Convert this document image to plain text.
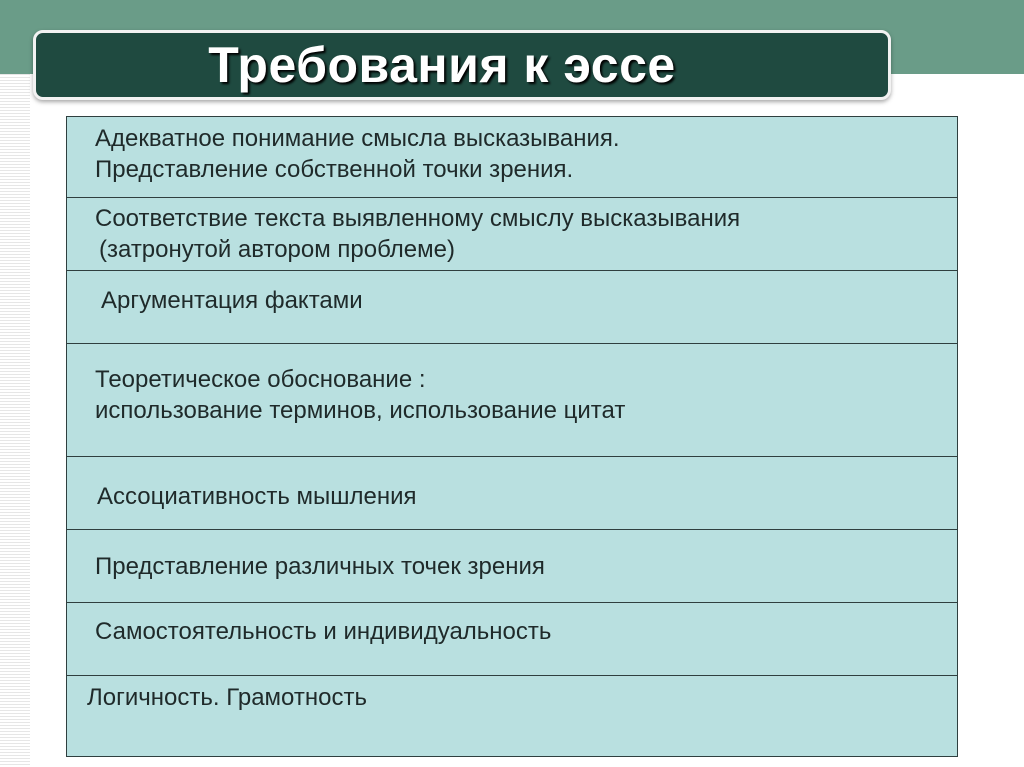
Требования к эссе
Адекватное понимание смысла высказывания.
Представление собственной точки зрения.
Соответствие текста выявленному смыслу высказывания
(затронутой автором проблеме)
Аргументация фактами
Теоретическое обоснование :
использование терминов, использование цитат
Ассоциативность мышления
Представление различных точек зрения
Самостоятельность и индивидуальность
Логичность. Грамотность
